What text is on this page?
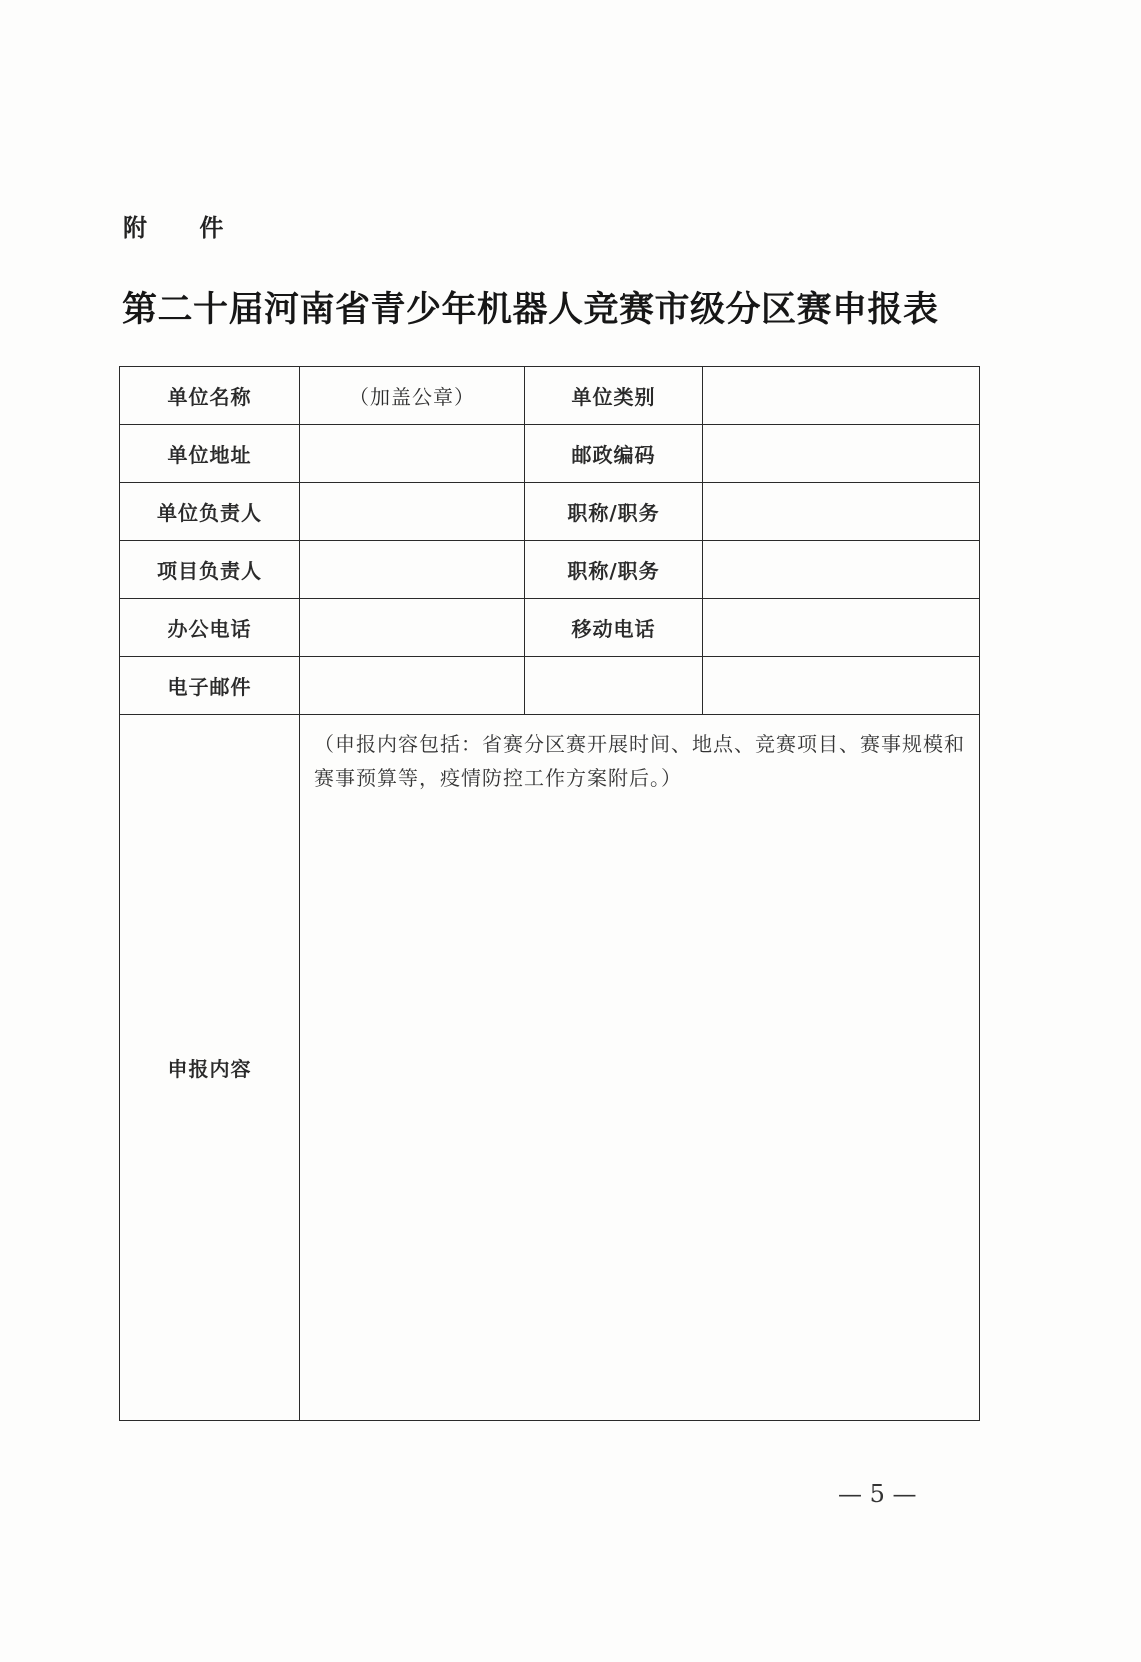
附 件
第二十届河南省青少年机器人竞赛市级分区赛申报表
单位名称	（加盖公章）	单位类别	
单位地址		邮政编码	
单位负责人		职称/职务	
项目负责人		职称/职务	
办公电话		移动电话	
电子邮件			
申报内容	（申报内容包括：省赛分区赛开展时间、地点、竞赛项目、赛事规模和赛事预算等，疫情防控工作方案附后。）		
— 5 —
